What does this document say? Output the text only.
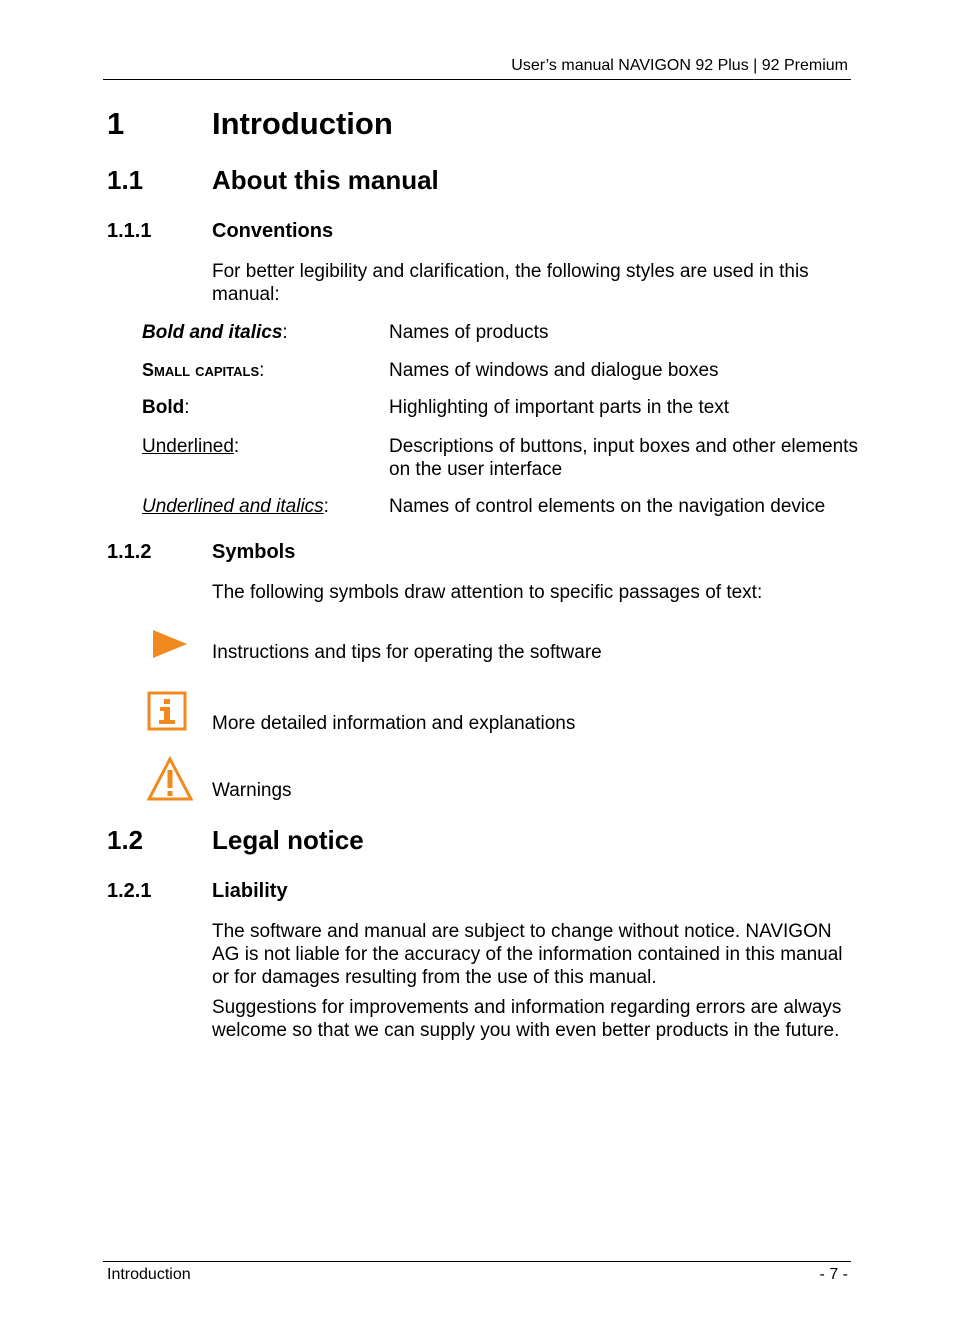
User’s manual NAVIGON 92 Plus | 92 Premium
1	Introduction
1.1	About this manual
1.1.1	Conventions
For better legibility and clarification, the following styles are used in this manual:
Bold and italics:	Names of products
Small capitals:	Names of windows and dialogue boxes
Bold:	Highlighting of important parts in the text
Underlined:	Descriptions of buttons, input boxes and other elements on the user interface
Underlined and italics:	Names of control elements on the navigation device
1.1.2	Symbols
The following symbols draw attention to specific passages of text:
Instructions and tips for operating the software
More detailed information and explanations
Warnings
1.2	Legal notice
1.2.1	Liability
The software and manual are subject to change without notice. NAVIGON AG is not liable for the accuracy of the information contained in this manual or for damages resulting from the use of this manual.
Suggestions for improvements and information regarding errors are always welcome so that we can supply you with even better products in the future.
Introduction	- 7 -
